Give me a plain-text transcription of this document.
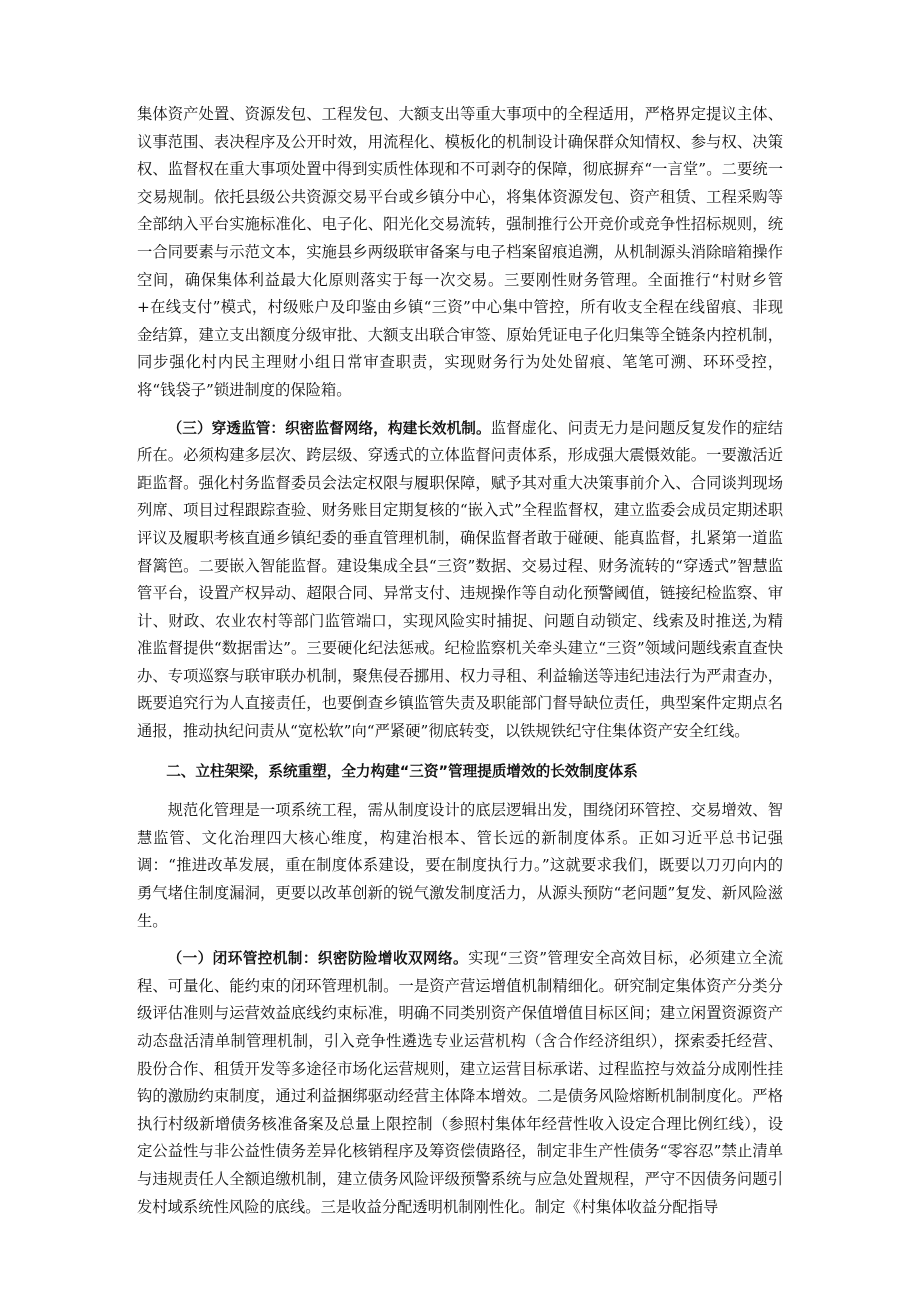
集体资产处置、资源发包、工程发包、大额支出等重大事项中的全程适用，严格界定提议主体、议事范围、表决程序及公开时效，用流程化、模板化的机制设计确保群众知情权、参与权、决策权、监督权在重大事项处置中得到实质性体现和不可剥夺的保障，彻底摒弃“一言堂”。二要统一交易规制。依托县级公共资源交易平台或乡镇分中心，将集体资源发包、资产租赁、工程采购等全部纳入平台实施标准化、电子化、阳光化交易流转，强制推行公开竞价或竞争性招标规则，统一合同要素与示范文本，实施县乡两级联审备案与电子档案留痕追溯，从机制源头消除暗箱操作空间，确保集体利益最大化原则落实于每一次交易。三要刚性财务管理。全面推行“村财乡管+在线支付”模式，村级账户及印鉴由乡镇“三资”中心集中管控，所有收支全程在线留痕、非现金结算，建立支出额度分级审批、大额支出联合审签、原始凭证电子化归集等全链条内控机制，同步强化村内民主理财小组日常审查职责，实现财务行为处处留痕、笔笔可溯、环环受控，将“钱袋子”锁进制度的保险箱。

（三）穿透监管：织密监督网络，构建长效机制。监督虚化、问责无力是问题反复发作的症结所在。必须构建多层次、跨层级、穿透式的立体监督问责体系，形成强大震慑效能。一要激活近距监督。强化村务监督委员会法定权限与履职保障，赋予其对重大决策事前介入、合同谈判现场列席、项目过程跟踪查验、财务账目定期复核的“嵌入式”全程监督权，建立监委会成员定期述职评议及履职考核直通乡镇纪委的垂直管理机制，确保监督者敢于碰硬、能真监督，扎紧第一道监督篱笆。二要嵌入智能监督。建设集成全县“三资”数据、交易过程、财务流转的“穿透式”智慧监管平台，设置产权异动、超限合同、异常支付、违规操作等自动化预警阈值，链接纪检监察、审计、财政、农业农村等部门监管端口，实现风险实时捕捉、问题自动锁定、线索及时推送,为精准监督提供“数据雷达”。三要硬化纪法惩戒。纪检监察机关牵头建立“三资”领域问题线索直查快办、专项巡察与联审联办机制，聚焦侵吞挪用、权力寻租、利益输送等违纪违法行为严肃查办，既要追究行为人直接责任，也要倒查乡镇监管失责及职能部门督导缺位责任，典型案件定期点名通报，推动执纪问责从“宽松软”向“严紧硬”彻底转变，以铁规铁纪守住集体资产安全红线。

二、立柱架梁，系统重塑，全力构建“三资”管理提质增效的长效制度体系

规范化管理是一项系统工程，需从制度设计的底层逻辑出发，围绕闭环管控、交易增效、智慧监管、文化治理四大核心维度，构建治根本、管长远的新制度体系。正如习近平总书记强调：“推进改革发展，重在制度体系建设，要在制度执行力。”这就要求我们，既要以刀刃向内的勇气堵住制度漏洞，更要以改革创新的锐气激发制度活力，从源头预防“老问题”复发、新风险滋生。

（一）闭环管控机制：织密防险增收双网络。实现“三资”管理安全高效目标，必须建立全流程、可量化、能约束的闭环管理机制。一是资产营运增值机制精细化。研究制定集体资产分类分级评估准则与运营效益底线约束标准，明确不同类别资产保值增值目标区间；建立闲置资源资产动态盘活清单制管理机制，引入竞争性遴选专业运营机构（含合作经济组织），探索委托经营、股份合作、租赁开发等多途径市场化运营规则，建立运营目标承诺、过程监控与效益分成刚性挂钩的激励约束制度，通过利益捆绑驱动经营主体降本增效。二是债务风险熔断机制制度化。严格执行村级新增债务核准备案及总量上限控制（参照村集体年经营性收入设定合理比例红线），设定公益性与非公益性债务差异化核销程序及筹资偿债路径，制定非生产性债务“零容忍”禁止清单与违规责任人全额追缴机制，建立债务风险评级预警系统与应急处置规程，严守不因债务问题引发村域系统性风险的底线。三是收益分配透明机制刚性化。制定《村集体收益分配指导
